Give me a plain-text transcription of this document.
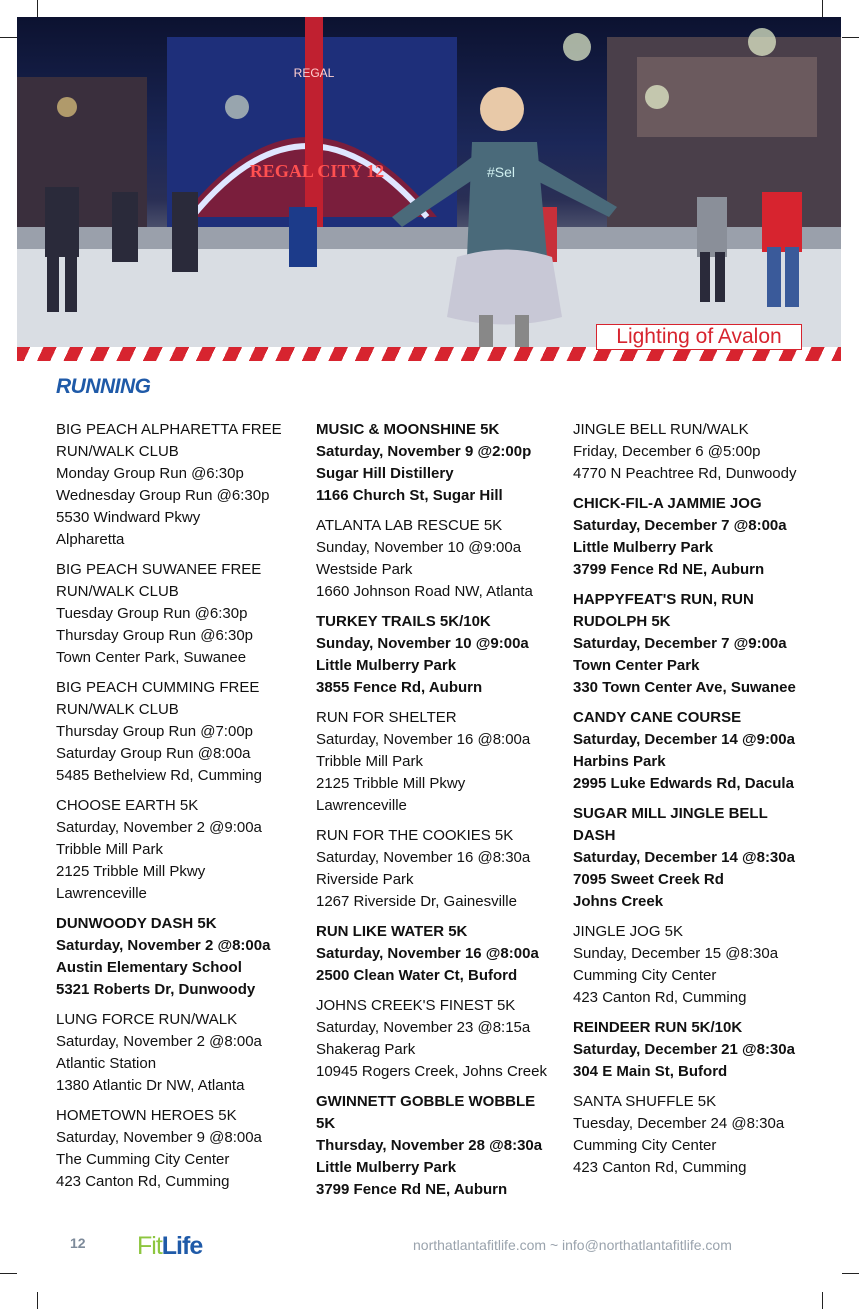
REGAL
REGAL CITY 12	#Sel
Lighting of Avalon
RUNNING
BIG PEACH ALPHARETTA FREE
RUN/WALK CLUB
Monday Group Run @6:30p
Wednesday Group Run @6:30p
5530 Windward Pkwy
Alpharetta
BIG PEACH SUWANEE FREE
RUN/WALK CLUB
Tuesday Group Run @6:30p
Thursday Group Run @6:30p
Town Center Park, Suwanee
BIG PEACH CUMMING FREE
RUN/WALK CLUB
Thursday Group Run @7:00p
Saturday Group Run @8:00a
5485 Bethelview Rd, Cumming
CHOOSE EARTH 5K
Saturday, November 2 @9:00a
Tribble Mill Park
2125 Tribble Mill Pkwy
Lawrenceville
DUNWOODY DASH 5K
Saturday, November 2 @8:00a
Austin Elementary School
5321 Roberts Dr, Dunwoody
LUNG FORCE RUN/WALK
Saturday, November 2 @8:00a
Atlantic Station
1380 Atlantic Dr NW, Atlanta
HOMETOWN HEROES 5K
Saturday, November 9 @8:00a
The Cumming City Center
423 Canton Rd, Cumming
MUSIC & MOONSHINE 5K
Saturday, November 9 @2:00p
Sugar Hill Distillery
1166 Church St, Sugar Hill
ATLANTA LAB RESCUE 5K
Sunday, November 10 @9:00a
Westside Park
1660 Johnson Road NW, Atlanta
TURKEY TRAILS 5K/10K
Sunday, November 10 @9:00a
Little Mulberry Park
3855 Fence Rd, Auburn
RUN FOR SHELTER
Saturday, November 16 @8:00a
Tribble Mill Park
2125 Tribble Mill Pkwy
Lawrenceville
RUN FOR THE COOKIES 5K
Saturday, November 16 @8:30a
Riverside Park
1267 Riverside Dr, Gainesville
RUN LIKE WATER 5K
Saturday, November 16 @8:00a
2500 Clean Water Ct, Buford
JOHNS CREEK'S FINEST 5K
Saturday, November 23 @8:15a
Shakerag Park
10945 Rogers Creek, Johns Creek
GWINNETT GOBBLE WOBBLE
5K
Thursday, November 28 @8:30a
Little Mulberry Park
3799 Fence Rd NE, Auburn
JINGLE BELL RUN/WALK
Friday, December 6 @5:00p
4770 N Peachtree Rd, Dunwoody
CHICK-FIL-A JAMMIE JOG
Saturday, December 7 @8:00a
Little Mulberry Park
3799 Fence Rd NE, Auburn
HAPPYFEAT'S RUN, RUN
RUDOLPH 5K
Saturday, December 7 @9:00a
Town Center Park
330 Town Center Ave, Suwanee
CANDY CANE COURSE
Saturday, December 14 @9:00a
Harbins Park
2995 Luke Edwards Rd, Dacula
SUGAR MILL JINGLE BELL
DASH
Saturday, December 14 @8:30a
7095 Sweet Creek Rd
Johns Creek
JINGLE JOG 5K
Sunday, December 15 @8:30a
Cumming City Center
423 Canton Rd, Cumming
REINDEER RUN 5K/10K
Saturday, December 21 @8:30a
304 E Main St, Buford
SANTA SHUFFLE 5K
Tuesday, December 24 @8:30a
Cumming City Center
423 Canton Rd, Cumming
12 FitLife	northatlantafitlife.com ~ info@northatlantafitlife.com
